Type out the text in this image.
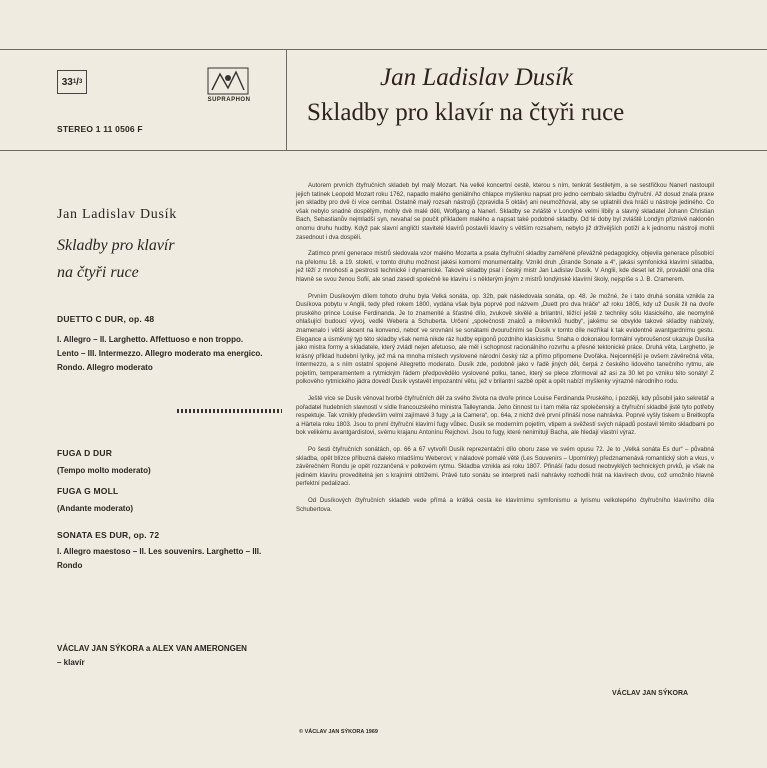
33 1 / 3
SUPRAPHON
STEREO 1 11 0506 F
Jan Ladislav Dusík
Skladby pro klavír na čtyři ruce
Jan Ladislav Dusík
Skladby pro klavír
na čtyři ruce
DUETTO C DUR, op. 48
I. Allegro – II. Larghetto. Affettuoso e non troppo. Lento – III. Intermezzo. Allegro moderato ma energico. Rondo. Allegro moderato
FUGA D DUR
(Tempo molto moderato)
FUGA G MOLL
(Andante moderato)
SONATA ES DUR, op. 72
I. Allegro maestoso – II. Les souvenirs. Larghetto – III. Rondo
VÁCLAV JAN SÝKORA a ALEX VAN AMERONGEN
– klavír

Autorem prvních čtyřručních skladeb byl malý Mozart. Na velké koncertní cestě, kterou s ním, tenkrát šestiletým, a se sestřičkou Nanerl nastoupil jejich tatínek Leopold Mozart roku 1762, napadlo malého geniálního chlapce myšlenku napsat pro jedno cembalo skladbu čtyřruční. Až dosud znala praxe jen skladby pro dvě či více cembal. Ostatně malý rozsah nástrojů (zpravidla 5 oktáv) ani neumožňoval, aby se uplatnili dva hráči u nástroje jediného. Co však nebylo snadné dospělým, mohly dvě malé děti, Wolfgang a Nanerl. Skladby se zvláště v Londýně velmi líbily a slavný skladatel Johann Christian Bach, Sebastianův nejmladší syn, nevahal se poučit příkladem malého a napsat také podobné skladby. Od té doby byl zvláště Londýn příznivě nakloněn onomu druhu hudby. Když pak slavní angličtí stavitelé klavírů postavili klavíry s větším rozsahem, nebylo již drživějších potíží a k jednomu nástroji mohli zasednout i dva dospělí.

Zatímco první generace mistrů sledovala vzor malého Mozarta a psala čtyřruční skladby zaměřené převážně pedagogicky, objevila generace působící na přelomu 18. a 19. století, v tomto druhu možnost jakési komorní monumentality. Vznikl druh „Grande Sonate a 4“, jakási symfonická klavírní skladba, jež těží z mnohosti a pestrosti technické i dynamické. Takové skladby psal i český mistr Jan Ladislav Dusík. V Anglii, kde deset let žil, prováděl ona díla hlavně se svou ženou Sofií, ale snad zasedl společně ke klavíru i s některým jiným z mistrů londýnské klavírní školy, nejspíše s J. B. Cramerem.

Prvním Dusíkovým dílem tohoto druhu byla Velká sonáta, op. 32b, pak následovala sonáta, op. 48. Je možné, že i tato druhá sonáta vznikla za Dusíkova pobytu v Anglii, tedy před rokem 1800, vydána však byla poprvé pod názvem „Duett pro dva hráče“ až roku 1805, kdy už Dusík žil na dvoře pruského prince Louise Ferdinanda. Je to znamenité a šťastné dílo, zvukově skvělé a brilantní, těžící ještě z techniky sólu klasického, ale neomylně ohlašující budoucí vývoj, vedlé Webera a Schuberta. Určení „společnosti znalců a milovníků hudby“, jakému se obvykle takové skladby nabízely, znamenalo i větší akcent na konvenci, neboť ve srovnání se sonátami dvouručními se Dusík v tomto díle nezříkal k tak evidentně avantgardnímu gestu. Elegance a úsměvný typ této skladby však nemá nikde ráz hudby epigonů pozdního klasicismu. Snaha o dokonalou formální vybroušenost ukazuje Dusíka jako mistra formy a skladatele, který zvládl nejen afetuoso, ale měl i schopnost racionálního rozvrhu a přesné tektonické práce. Druhá věta, Larghetto, je krásný příklad hudební lyriky, jež má na mnoha místech vyslovené národní český ráz a přímo připomene Dvořáka. Nejcennější je ovšem závěrečná věta, Intermezzo, a s ním ostatní spojené Allegretto moderato. Dusík zde, podobně jako v řadě jiných děl, čerpá z českého lidového tanečního rytmu, ale pojetím, temperamentem a rytmickým řádem předpovědělo vyslovené polku, tanec, který se plece zformoval až asi za 30 let po vzniku této sonáty! Z polkového rytmického jádra dovedl Dusík vystavět impozantní větu, jež v brilantní sazbě opět a opět nabízí myšlenky výrazně národního rodu.

Ještě více se Dusík věnoval tvorbě čtyřručních děl za svého života na dvoře prince Louise Ferdinanda Pruského, i později, kdy působil jako sekretář a pořadatel hudebních slavností v sídle francouzského ministra Talleyranda. Jeho činnost tu i tam měla ráz společenský a čtyřruční skladbě jistě tyto potřeby respektuje. Tak vznikly především velmi zajímavé 3 fugy „a la Camera“, op. 64a, z nichž dvě první přináší nose nahrávka. Poprvé vyšly tiskem u Breitkopfa a Härtela roku 1803. Jsou to první čtyřruční klavírní fugy vůbec. Dusík se moderním pojetím, vtipem a svěžestí svých nápadů postavil těmito skladbami po bok velikému avantgardistovi, svému krajanu Antonínu Rejchovi. Jsou to fugy, které nenimitují Bacha, ale hledají vlastní výraz.

Po šesti čtyřručních sonátách, op. 66 a 67 vytvořil Dusík reprezentační dílo oboru zase ve svém opusu 72. Je to „Velká sonáta Es dur“ – půvabná skladba, opět blízce příbuzná daleko mladšímu Weberovi; v náladové pomalé větě (Les Souvenirs – Upomínky) předznamenává romantický sloh a vkus, v závěrečném Rondu je opět rozzančená v polkovém rytmu. Skladba vznikla asi roku 1807. Přináší řadu dosud neobvyklých technických prvků, je však na jediném klavíru proveditelná jen s krajními obtížemi. Právě tuto sonátu se interpreti naší nahrávky rozhodli hrát na klavírech dvou, což umožnilo hlavně perfektní pedalizaci.

Od Dusíkových čtyřručních skladeb vede přímá a krátká cesta ke klavírnímu symfonismu a lyrismu velkolepého čtyřručního klavírního díla Schubertova.

VÁCLAV JAN SÝKORA
© VÁCLAV JAN SÝKORA 1969
